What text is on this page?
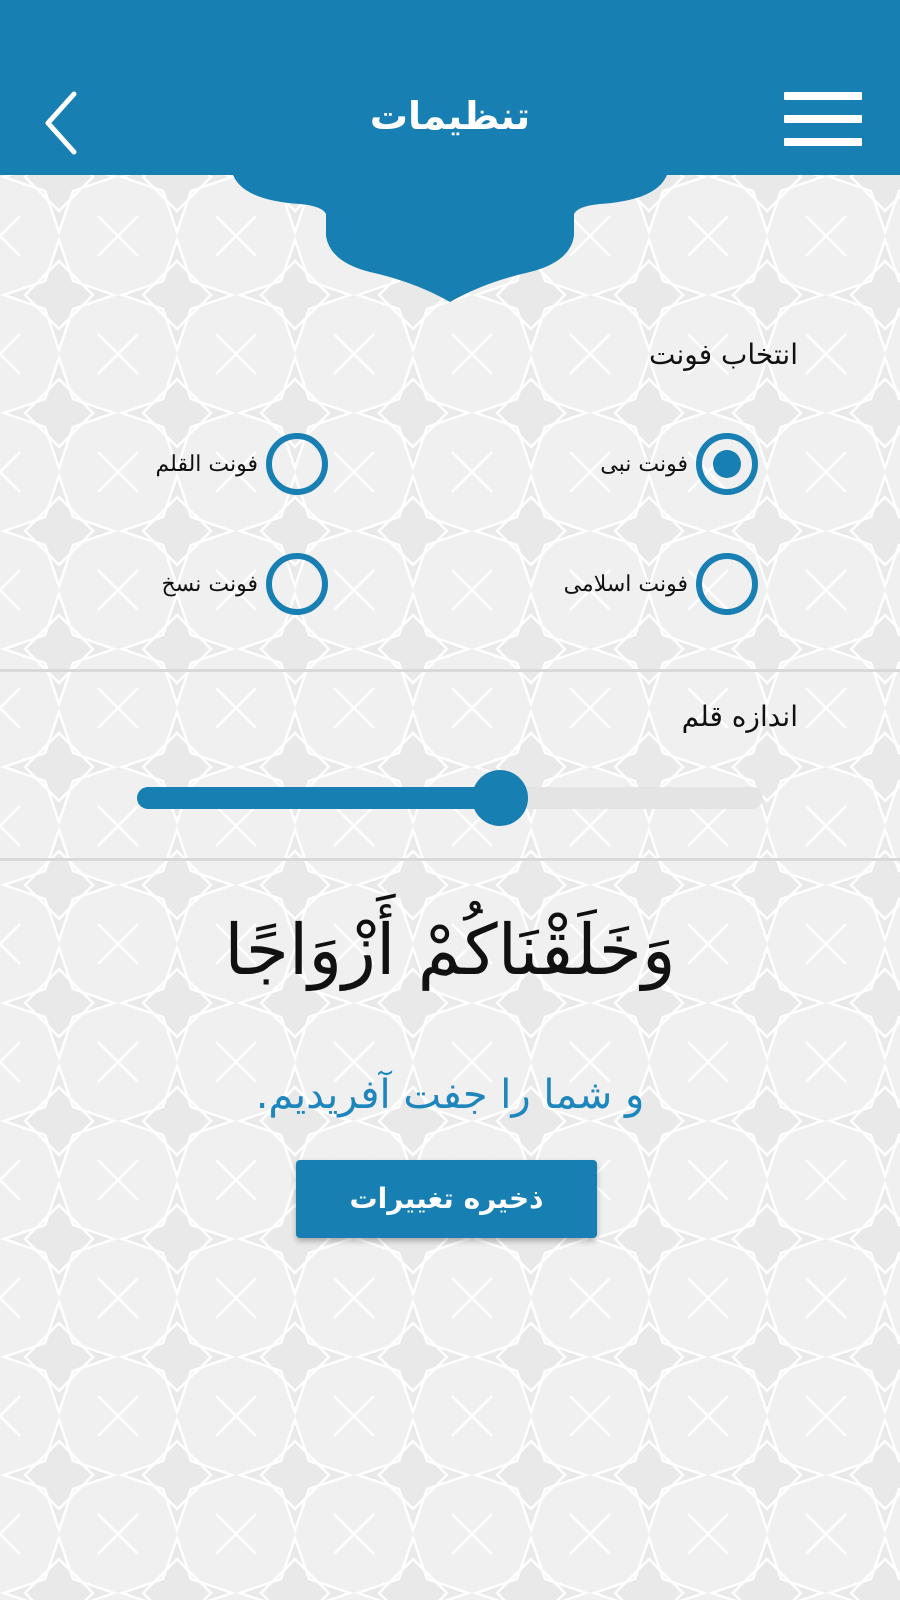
تنظیمات
انتخاب فونت
فونت نبی
فونت القلم
فونت اسلامی
فونت نسخ
اندازه قلم
وَخَلَقْنَاكُمْ أَزْوَاجًا
و شما را جفت آفریدیم.
ذخیره تغییرات
